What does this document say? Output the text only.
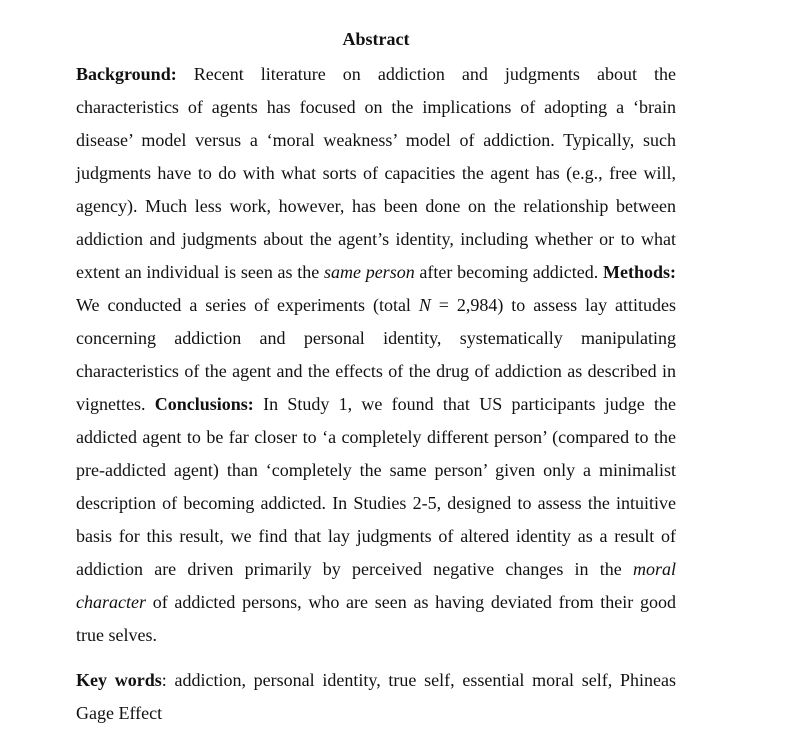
Abstract

Background: Recent literature on addiction and judgments about the characteristics of agents has focused on the implications of adopting a ‘brain disease’ model versus a ‘moral weakness’ model of addiction. Typically, such judgments have to do with what sorts of capacities the agent has (e.g., free will, agency). Much less work, however, has been done on the relationship between addiction and judgments about the agent’s identity, including whether or to what extent an individual is seen as the same person after becoming addicted. Methods: We conducted a series of experiments (total N = 2,984) to assess lay attitudes concerning addiction and personal identity, systematically manipulating characteristics of the agent and the effects of the drug of addiction as described in vignettes. Conclusions: In Study 1, we found that US participants judge the addicted agent to be far closer to ‘a completely different person’ (compared to the pre-addicted agent) than ‘completely the same person’ given only a minimalist description of becoming addicted. In Studies 2-5, designed to assess the intuitive basis for this result, we find that lay judgments of altered identity as a result of addiction are driven primarily by perceived negative changes in the moral character of addicted persons, who are seen as having deviated from their good true selves.

Key words: addiction, personal identity, true self, essential moral self, Phineas Gage Effect
